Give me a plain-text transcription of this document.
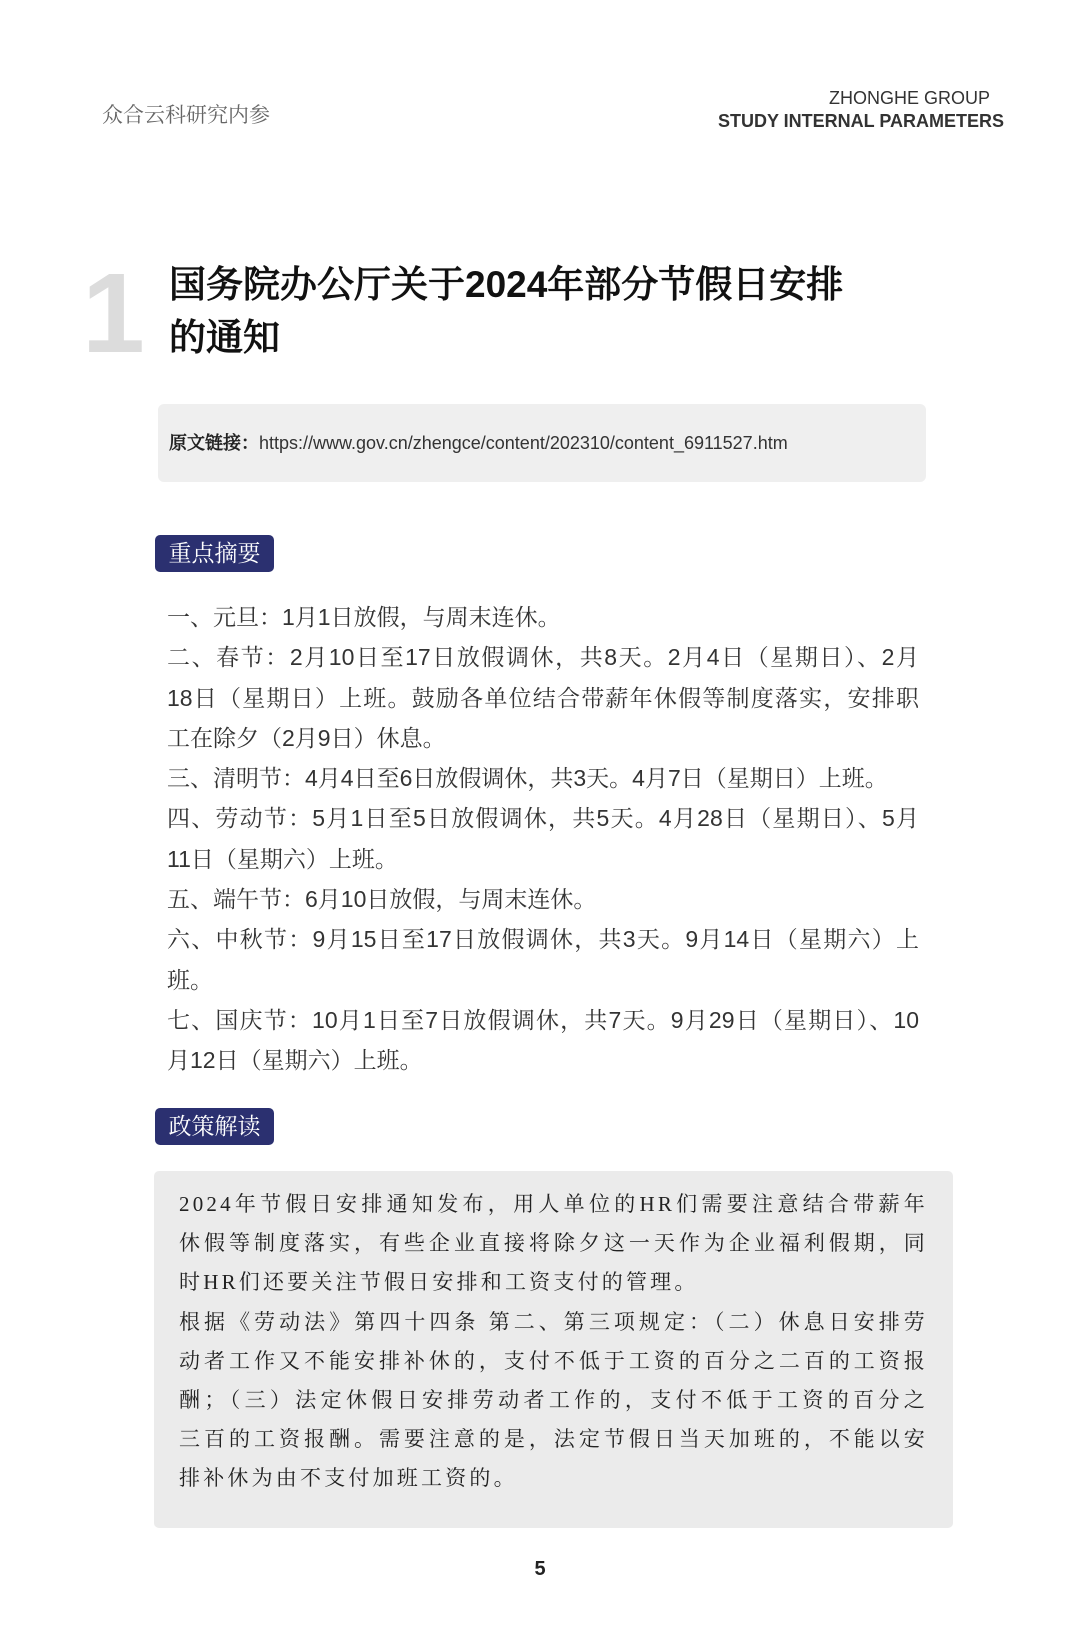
众合云科研究内参
ZHONGHE GROUP
STUDY INTERNAL PARAMETERS
1 国务院办公厅关于2024年部分节假日安排
的通知
原文链接：https://www.gov.cn/zhengce/content/202310/content_6911527.htm
重点摘要
一、元旦：1月1日放假，与周末连休。
二、春节：2月10日至17日放假调休，共8天。2月4日（星期日）、2月
18日（星期日）上班。鼓励各单位结合带薪年休假等制度落实，安排职
工在除夕（2月9日）休息。
三、清明节：4月4日至6日放假调休，共3天。4月7日（星期日）上班。
四、劳动节：5月1日至5日放假调休，共5天。4月28日（星期日）、5月
11日（星期六）上班。
五、端午节：6月10日放假，与周末连休。
六、中秋节：9月15日至17日放假调休，共3天。9月14日（星期六）上
班。
七、国庆节：10月1日至7日放假调休，共7天。9月29日（星期日）、10
月12日（星期六）上班。
政策解读
2024年节假日安排通知发布，用人单位的HR们需要注意结合带薪年
休假等制度落实，有些企业直接将除夕这一天作为企业福利假期，同
时HR们还要关注节假日安排和工资支付的管理。
根据《劳动法》第四十四条 第二、第三项规定：（二）休息日安排劳
动者工作又不能安排补休的，支付不低于工资的百分之二百的工资报
酬；（三）法定休假日安排劳动者工作的，支付不低于工资的百分之
三百的工资报酬。需要注意的是，法定节假日当天加班的，不能以安
排补休为由不支付加班工资的。
5
